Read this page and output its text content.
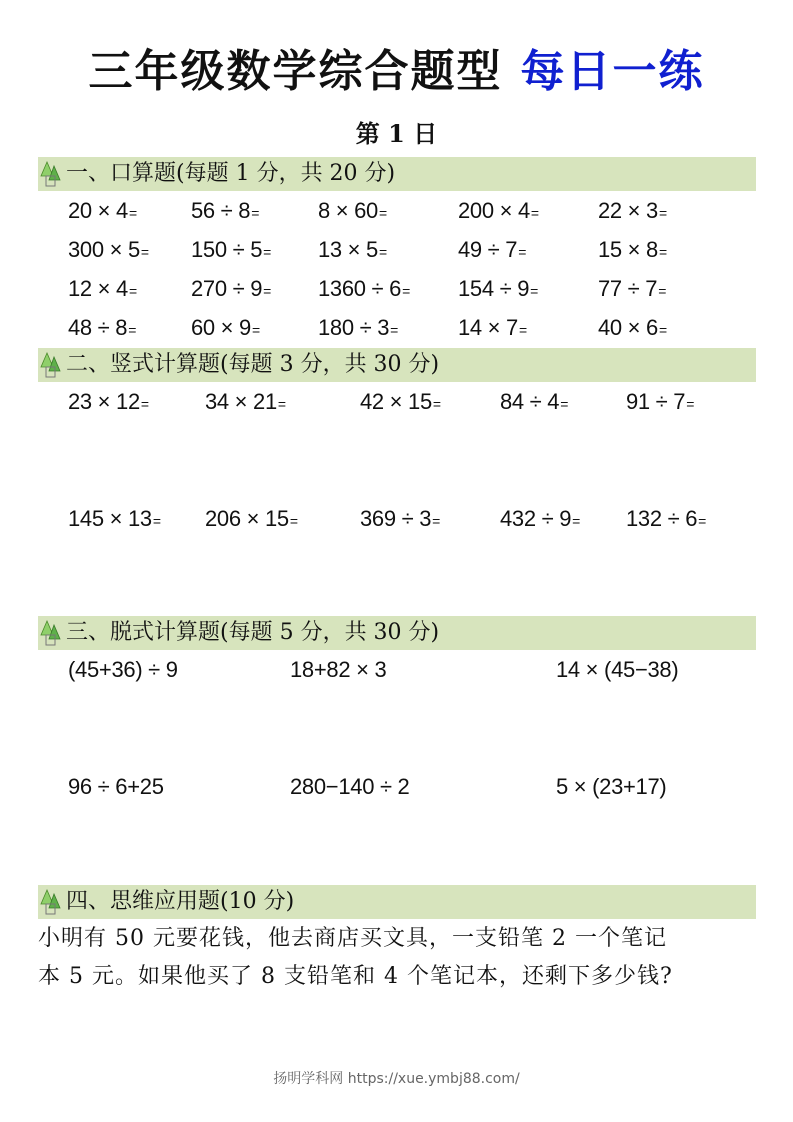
三年级数学综合题型 每日一练
第 1 日
一、口算题(每题 1 分，共 20 分)
20 × 4= 56 ÷ 8=	8 × 60=	200 × 4=	22 × 3=
300 × 5= 150 ÷ 5= 13 × 5=	49 ÷ 7=	15 × 8=
12 × 4= 270 ÷ 9= 1360 ÷ 6= 154 ÷ 9=	77 ÷ 7=
48 ÷ 8= 60 × 9=	180 ÷ 3=	14 × 7=	40 × 6=
二、竖式计算题(每题 3 分，共 30 分)
23 × 12=	34 × 21=	42 × 15=	84 ÷ 4=	91 ÷ 7=
145 × 13= 206 × 15=	369 ÷ 3=	432 ÷ 9= 132 ÷ 6=
三、脱式计算题(每题 5 分，共 30 分)
(45+36) ÷ 9	18+82 × 3	14 × (45−38)
96 ÷ 6+25	280−140 ÷ 2	5 × (23+17)
四、思维应用题(10 分)
小明有 50 元要花钱，他去商店买文具，一支铅笔 2 一个笔记
本 5 元。如果他买了 8 支铅笔和 4 个笔记本，还剩下多少钱?
扬明学科网 https://xue.ymbj88.com/
